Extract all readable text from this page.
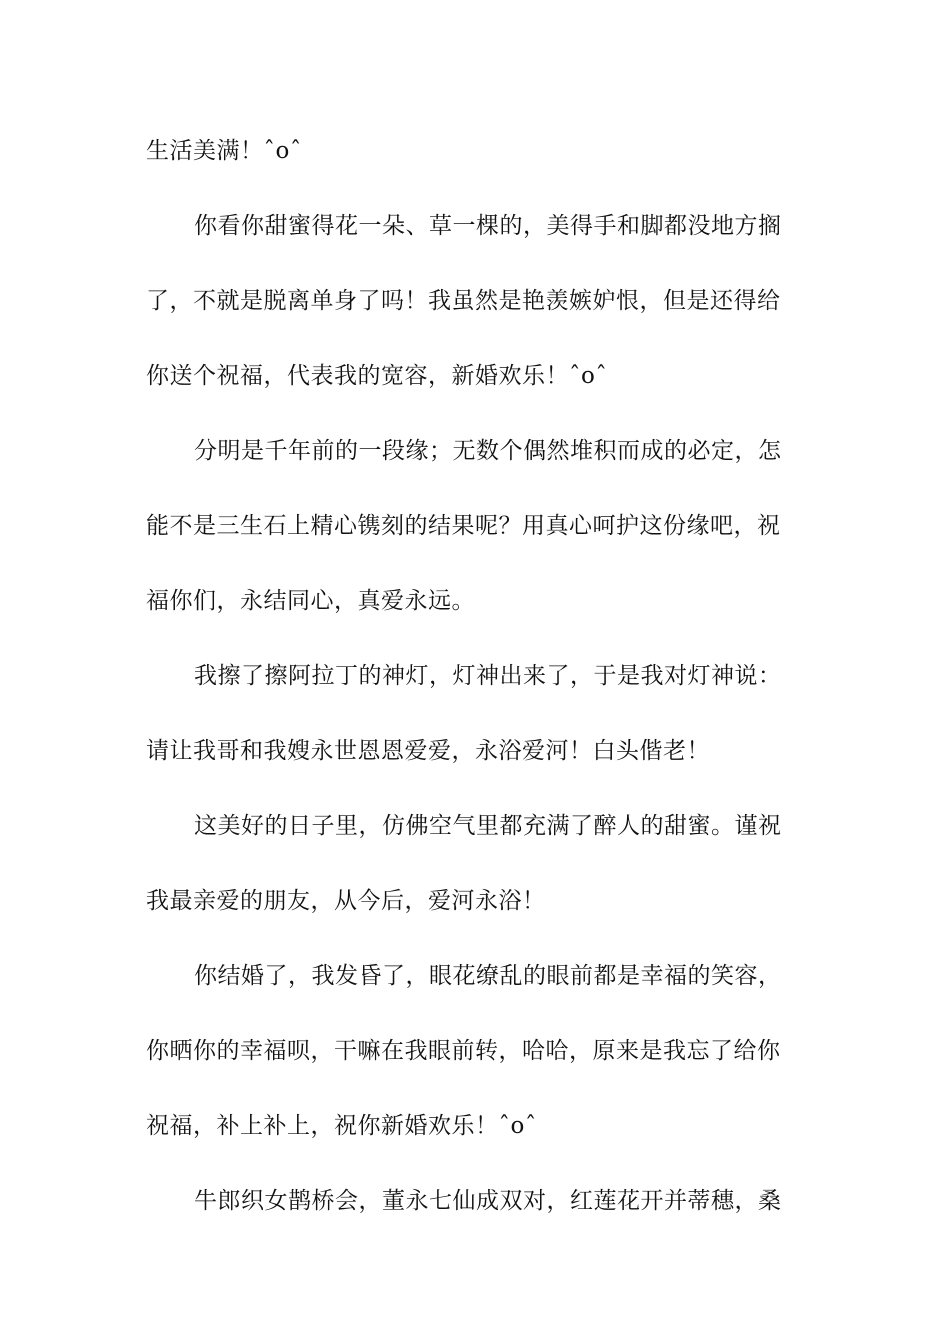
生活美满！ˆoˆ
你看你甜蜜得花一朵、草一棵的，美得手和脚都没地方搁
了，不就是脱离单身了吗！我虽然是艳羡嫉妒恨，但是还得给
你送个祝福，代表我的宽容，新婚欢乐！ˆoˆ
分明是千年前的一段缘；无数个偶然堆积而成的必定，怎
能不是三生石上精心镌刻的结果呢？用真心呵护这份缘吧，祝
福你们，永结同心，真爱永远。
我擦了擦阿拉丁的神灯，灯神出来了，于是我对灯神说：
请让我哥和我嫂永世恩恩爱爱，永浴爱河！白头偕老！
这美好的日子里，仿佛空气里都充满了醉人的甜蜜。谨祝
我最亲爱的朋友，从今后，爱河永浴！
你结婚了，我发昏了，眼花缭乱的眼前都是幸福的笑容，
你晒你的幸福呗，干嘛在我眼前转，哈哈，原来是我忘了给你
祝福，补上补上，祝你新婚欢乐！ˆoˆ
牛郎织女鹊桥会，董永七仙成双对，红莲花开并蒂穗，桑
